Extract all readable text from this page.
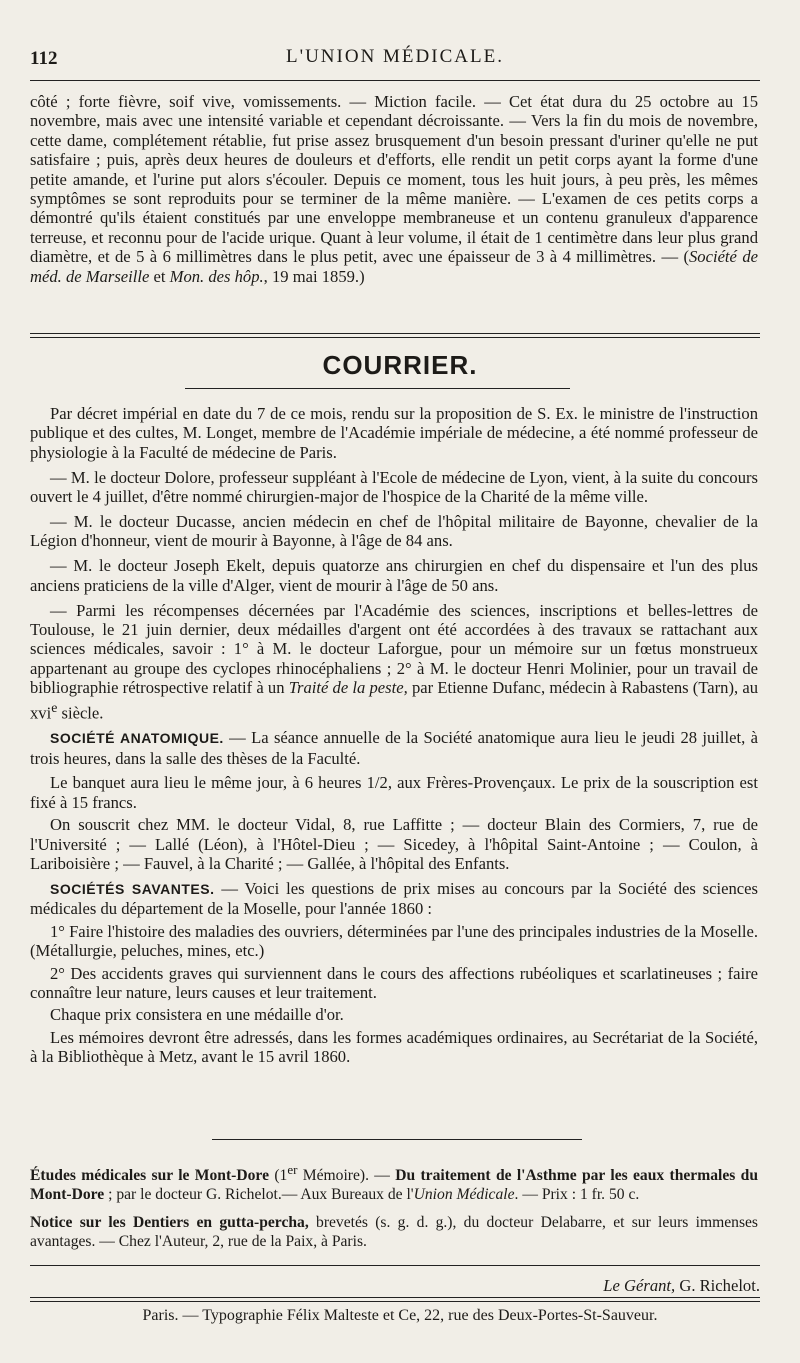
112	L'UNION MÉDICALE.

côté ; forte fièvre, soif vive, vomissements. — Miction facile. — Cet état dura du 25 octobre au 15 novembre, mais avec une intensité variable et cependant décroissante. — Vers la fin du mois de novembre, cette dame, complétement rétablie, fut prise assez brusquement d'un besoin pressant d'uriner qu'elle ne put satisfaire ; puis, après deux heures de douleurs et d'efforts, elle rendit un petit corps ayant la forme d'une petite amande, et l'urine put alors s'écouler. Depuis ce moment, tous les huit jours, à peu près, les mêmes symptômes se sont reproduits pour se terminer de la même manière. — L'examen de ces petits corps a démontré qu'ils étaient constitués par une enveloppe membraneuse et un contenu granuleux d'apparence terreuse, et reconnu pour de l'acide urique. Quant à leur volume, il était de 1 centimètre dans leur plus grand diamètre, et de 5 à 6 millimètres dans le plus petit, avec une épaisseur de 3 à 4 millimètres. — (Société de méd. de Marseille et Mon. des hôp., 19 mai 1859.)

COURRIER.

Par décret impérial en date du 7 de ce mois, rendu sur la proposition de S. Ex. le ministre de l'instruction publique et des cultes, M. Longet, membre de l'Académie impériale de médecine, a été nommé professeur de physiologie à la Faculté de médecine de Paris.

— M. le docteur Dolore, professeur suppléant à l'Ecole de médecine de Lyon, vient, à la suite du concours ouvert le 4 juillet, d'être nommé chirurgien-major de l'hospice de la Charité de la même ville.

— M. le docteur Ducasse, ancien médecin en chef de l'hôpital militaire de Bayonne, chevalier de la Légion d'honneur, vient de mourir à Bayonne, à l'âge de 84 ans.

— M. le docteur Joseph Ekelt, depuis quatorze ans chirurgien en chef du dispensaire et l'un des plus anciens praticiens de la ville d'Alger, vient de mourir à l'âge de 50 ans.

— Parmi les récompenses décernées par l'Académie des sciences, inscriptions et belles-lettres de Toulouse, le 21 juin dernier, deux médailles d'argent ont été accordées à des travaux se rattachant aux sciences médicales, savoir : 1° à M. le docteur Laforgue, pour un mémoire sur un fœtus monstrueux appartenant au groupe des cyclopes rhinocéphaliens ; 2° à M. le docteur Henri Molinier, pour un travail de bibliographie rétrospective relatif à un Traité de la peste, par Etienne Dufanc, médecin à Rabastens (Tarn), au xvi$^e$ siècle.

SOCIÉTÉ ANATOMIQUE. — La séance annuelle de la Société anatomique aura lieu le jeudi 28 juillet, à trois heures, dans la salle des thèses de la Faculté.

Le banquet aura lieu le même jour, à 6 heures 1/2, aux Frères-Provençaux. Le prix de la souscription est fixé à 15 francs.

On souscrit chez MM. le docteur Vidal, 8, rue Laffitte ; — docteur Blain des Cormiers, 7, rue de l'Université ; — Lallé (Léon), à l'Hôtel-Dieu ; — Sicedey, à l'hôpital Saint-Antoine ; — Coulon, à Lariboisière ; — Fauvel, à la Charité ; — Gallée, à l'hôpital des Enfants.

SOCIÉTÉS SAVANTES. — Voici les questions de prix mises au concours par la Société des sciences médicales du département de la Moselle, pour l'année 1860 :

1° Faire l'histoire des maladies des ouvriers, déterminées par l'une des principales industries de la Moselle. (Métallurgie, peluches, mines, etc.)

2° Des accidents graves qui surviennent dans le cours des affections rubéoliques et scarlatineuses ; faire connaître leur nature, leurs causes et leur traitement.

Chaque prix consistera en une médaille d'or.

Les mémoires devront être adressés, dans les formes académiques ordinaires, au Secrétariat de la Société, à la Bibliothèque à Metz, avant le 15 avril 1860.

Études médicales sur le Mont-Dore (1er Mémoire). — Du traitement de l'Asthme par les eaux thermales du Mont-Dore ; par le docteur G. Richelot.— Aux Bureaux de l'Union Médicale. — Prix : 1 fr. 50 c.

Notice sur les Dentiers en gutta-percha, brevetés (s. g. d. g.), du docteur Delabarre, et sur leurs immenses avantages. — Chez l'Auteur, 2, rue de la Paix, à Paris.

Le Gérant, G. Richelot.
Paris. — Typographie Félix Malteste et Ce, 22, rue des Deux-Portes-St-Sauveur.
